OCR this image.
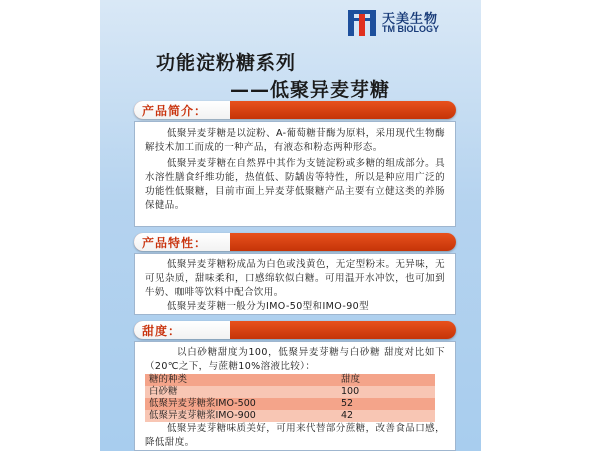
天美生物
TM BIOLOGY
功能淀粉糖系列
——低聚异麦芽糖
产品简介：

低聚异麦芽糖是以淀粉、A-葡萄糖苷酶为原料，采用现代生物酶解技术加工而成的一种产品，有液态和粉态两种形态。

低聚异麦芽糖在自然界中其作为支链淀粉或多糖的组成部分。具水溶性膳食纤维功能，热值低、防龋齿等特性，所以是种应用广泛的功能性低聚糖，目前市面上异麦芽低聚糖产品主要有立健这类的养肠保健品。

产品特性：

低聚异麦芽糖粉成品为白色或浅黄色，无定型粉末。无异味，无可见杂质，甜味柔和，口感绵软似白糖。可用温开水冲饮，也可加到牛奶、咖啡等饮料中配合饮用。

低聚异麦芽糖一般分为IMO-50型和IMO-90型

甜度：

以白砂糖甜度为100，低聚异麦芽糖与白砂糖 甜度对比如下（20℃之下，与蔗糖10%溶液比较）：

糖的种类	甜度
白砂糖	100
低聚异麦芽糖浆IMO-500	52
低聚异麦芽糖浆IMO-900	42

低聚异麦芽糖味质美好，可用来代替部分蔗糖，改善食品口感，降低甜度。
